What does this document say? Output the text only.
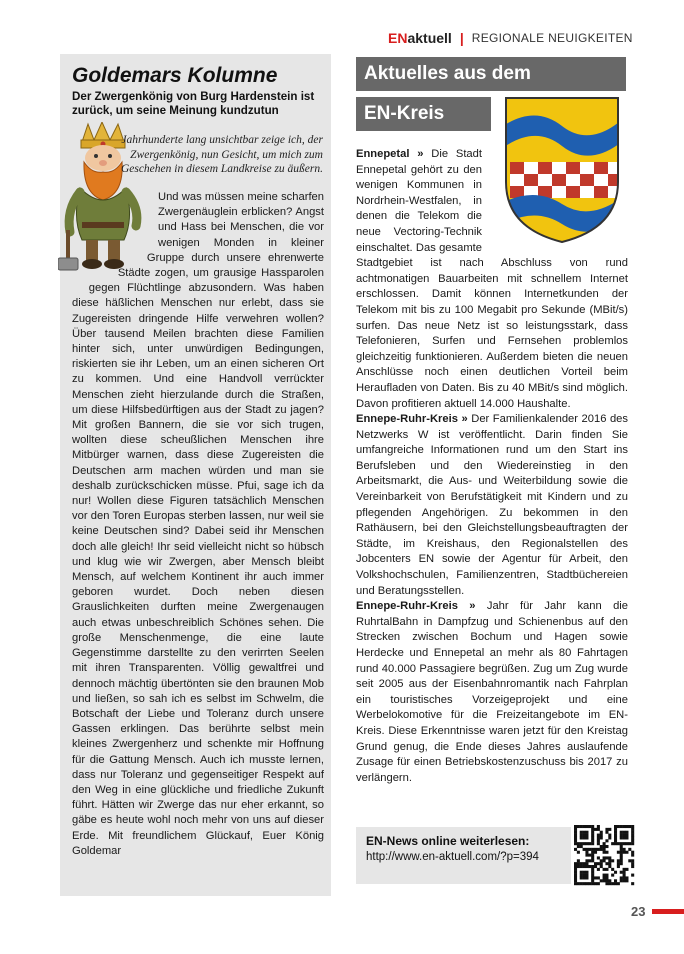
ENaktuell | REGIONALE NEUIGKEITEN
Goldemars Kolumne
Der Zwergenkönig von Burg Hardenstein ist zurück, um seine Meinung kundzutun
Jahrhunderte lang unsichtbar zeige ich, der Zwergenkönig, nun Gesicht, um mich zum Geschehen in diesem Landkreise zu äußern.
Und was müssen meine scharfen Zwergenäuglein erblicken? Angst und Hass bei Menschen, die vor wenigen Monden in kleiner Gruppe durch unsere ehrenwerte Städte zogen, um grausige Hassparolen gegen Flüchtlinge abzusondern. Was haben diese häßlichen Menschen nur erlebt, dass sie Zugereisten dringende Hilfe verwehren wollen? Über tausend Meilen brachten diese Familien hinter sich, unter unwürdigen Bedingungen, riskierten sie ihr Leben, um an einen sicheren Ort zu kommen. Und eine Handvoll verrückter Menschen zieht hierzulande durch die Straßen, um diese Hilfsbedürftigen aus der Stadt zu jagen? Mit großen Bannern, die sie vor sich trugen, wollten diese scheußlichen Menschen ihre Mitbürger warnen, dass diese Zugereisten die Deutschen arm machen würden und man sie deshalb zurückschicken müsse. Pfui, sage ich da nur! Wollen diese Figuren tatsächlich Menschen vor den Toren Europas sterben lassen, nur weil sie keine Deutschen sind? Dabei seid ihr Menschen doch alle gleich! Ihr seid vielleicht nicht so hübsch und klug wie wir Zwergen, aber Mensch bleibt Mensch, auf welchem Kontinent ihr auch immer geboren wurdet. Doch neben diesen Grauslichkeiten durften meine Zwergenaugen auch etwas unbeschreiblich Schönes sehen. Die große Menschenmenge, die eine laute Gegenstimme darstellte zu den verirrten Seelen mit ihren Transparenten. Völlig gewaltfrei und dennoch mächtig übertönten sie den braunen Mob und ließen, so sah ich es selbst im Schwelm, die Botschaft der Liebe und Toleranz durch unsere Gassen erklingen. Das berührte selbst mein kleines Zwergenherz und schenkte mir Hoffnung für die Gattung Mensch. Auch ich musste lernen, dass nur Toleranz und gegenseitiger Respekt auf den Weg in eine glückliche und friedliche Zukunft führt. Hätten wir Zwerge das nur eher erkannt, so gäbe es heute wohl noch mehr von uns auf dieser Erde. Mit freundlichem Glückauf, Euer König Goldemar
Aktuelles aus dem
EN-Kreis

Ennepetal » Die Stadt Ennepetal gehört zu den wenigen Kommunen in Nordrhein-Westfalen, in denen die Telekom die neue Vectoring-Technik einschaltet. Das gesamte Stadtgebiet ist nach Abschluss von rund achtmonatigen Bauarbeiten mit schnellem Internet erschlossen. Damit können Internetkunden der Telekom mit bis zu 100 Megabit pro Sekunde (MBit/s) surfen. Das neue Netz ist so leistungsstark, dass Telefonieren, Surfen und Fernsehen problemlos gleichzeitig funktionieren. Außerdem bieten die neuen Anschlüsse noch einen deutlichen Vorteil beim Heraufladen von Daten. Bis zu 40 MBit/s sind möglich. Davon profitieren aktuell 14.000 Haushalte.

Ennepe-Ruhr-Kreis » Der Familienkalender 2016 des Netzwerks W ist veröffentlicht. Darin finden Sie umfangreiche Informationen rund um den Start ins Berufsleben und den Wiedereinstieg in den Arbeitsmarkt, die Aus- und Weiterbildung sowie die Vereinbarkeit von Berufstätigkeit mit Kindern und zu pflegenden Angehörigen. Zu bekommen in den Rathäusern, bei den Gleichstellungsbeauftragten der Städte, im Kreishaus, den Regionalstellen des Jobcenters EN sowie der Agentur für Arbeit, den Volkshochschulen, Familienzentren, Stadtbüchereien und Beratungsstellen.

Ennepe-Ruhr-Kreis » Jahr für Jahr kann die RuhrtalBahn in Dampfzug und Schienenbus auf den Strecken zwischen Bochum und Hagen sowie Herdecke und Ennepetal an mehr als 80 Fahrtagen rund 40.000 Passagiere begrüßen. Zug um Zug wurde seit 2005 aus der Eisenbahnromantik nach Fahrplan ein touristisches Vorzeigeprojekt und eine Werbelokomotive für die Freizeitangebote im EN-Kreis. Diese Erkenntnisse waren jetzt für den Kreistag Grund genug, die Ende dieses Jahres auslaufende Zusage für einen Betriebskostenzuschuss bis 2017 zu verlängern.

EN-News online weiterlesen:
http://www.en-aktuell.com/?p=394
23
